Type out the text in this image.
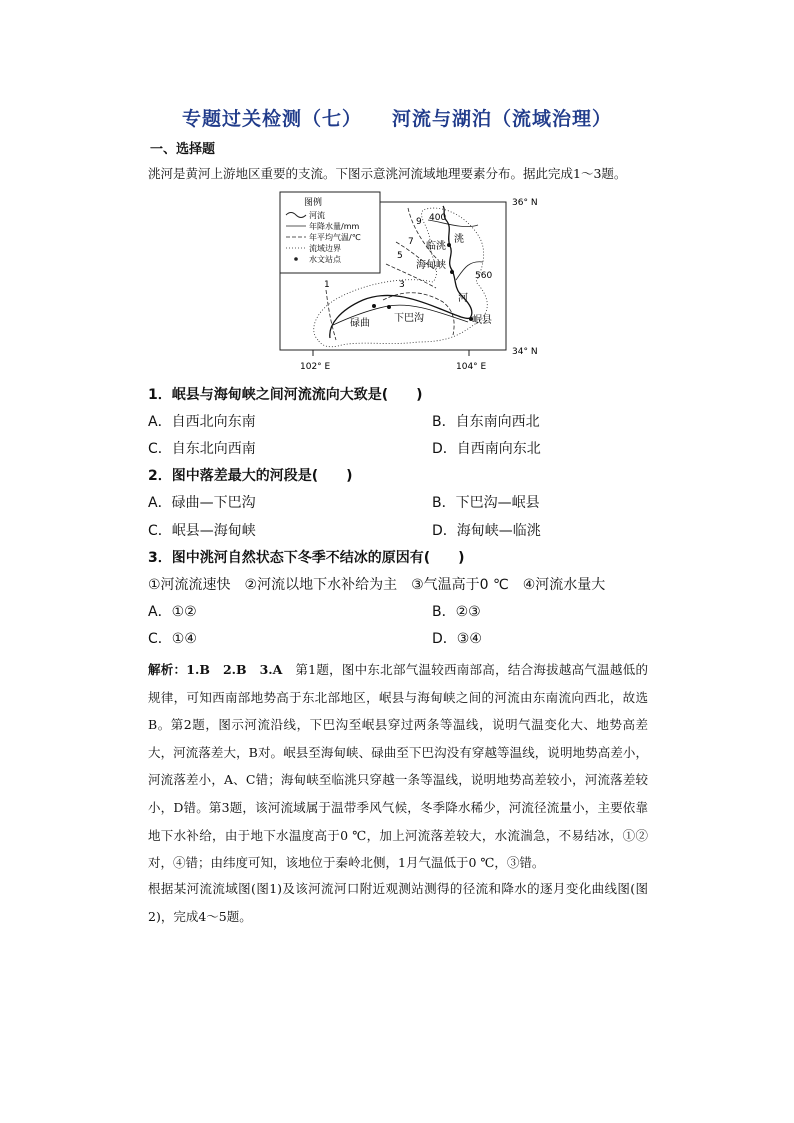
专题过关检测（七） 河流与湖泊（流域治理）
一、选择题
洮河是黄河上游地区重要的支流。下图示意洮河流域地理要素分布。据此完成1～3题。
图例
河流
年降水量/mm
年平均气温/℃
流域边界
水文站点
36° N
34° N
102° E	104° E
临洮
海甸峡
岷县
下巴沟
碌曲
洮
河
400
560
9
7
5
3
1
1．岷县与海甸峡之间河流流向大致是(　　)
A．自西北向东南	B．自东南向西北
C．自东北向西南	D．自西南向东北
2．图中落差最大的河段是(　　)
A．碌曲—下巴沟	B．下巴沟—岷县
C．岷县—海甸峡	D．海甸峡—临洮
3．图中洮河自然状态下冬季不结冰的原因有(　　)
①河流流速快　②河流以地下水补给为主　③气温高于0 ℃　④河流水量大
A．①②	B．②③
C．①④	D．③④
解析：1.B　2.B　3.A　第1题，图中东北部气温较西南部高，结合海拔越高气温越低的规律，可知西南部地势高于东北部地区，岷县与海甸峡之间的河流由东南流向西北，故选B。第2题，图示河流沿线，下巴沟至岷县穿过两条等温线，说明气温变化大、地势高差大，河流落差大，B对。岷县至海甸峡、碌曲至下巴沟没有穿越等温线，说明地势高差小，河流落差小，A、C错；海甸峡至临洮只穿越一条等温线，说明地势高差较小，河流落差较小，D错。第3题，该河流域属于温带季风气候，冬季降水稀少，河流径流量小，主要依靠地下水补给，由于地下水温度高于0 ℃，加上河流落差较大，水流湍急，不易结冰，①②对，④错；由纬度可知，该地位于秦岭北侧，1月气温低于0 ℃，③错。
根据某河流流域图(图1)及该河流河口附近观测站测得的径流和降水的逐月变化曲线图(图2)，完成4～5题。
